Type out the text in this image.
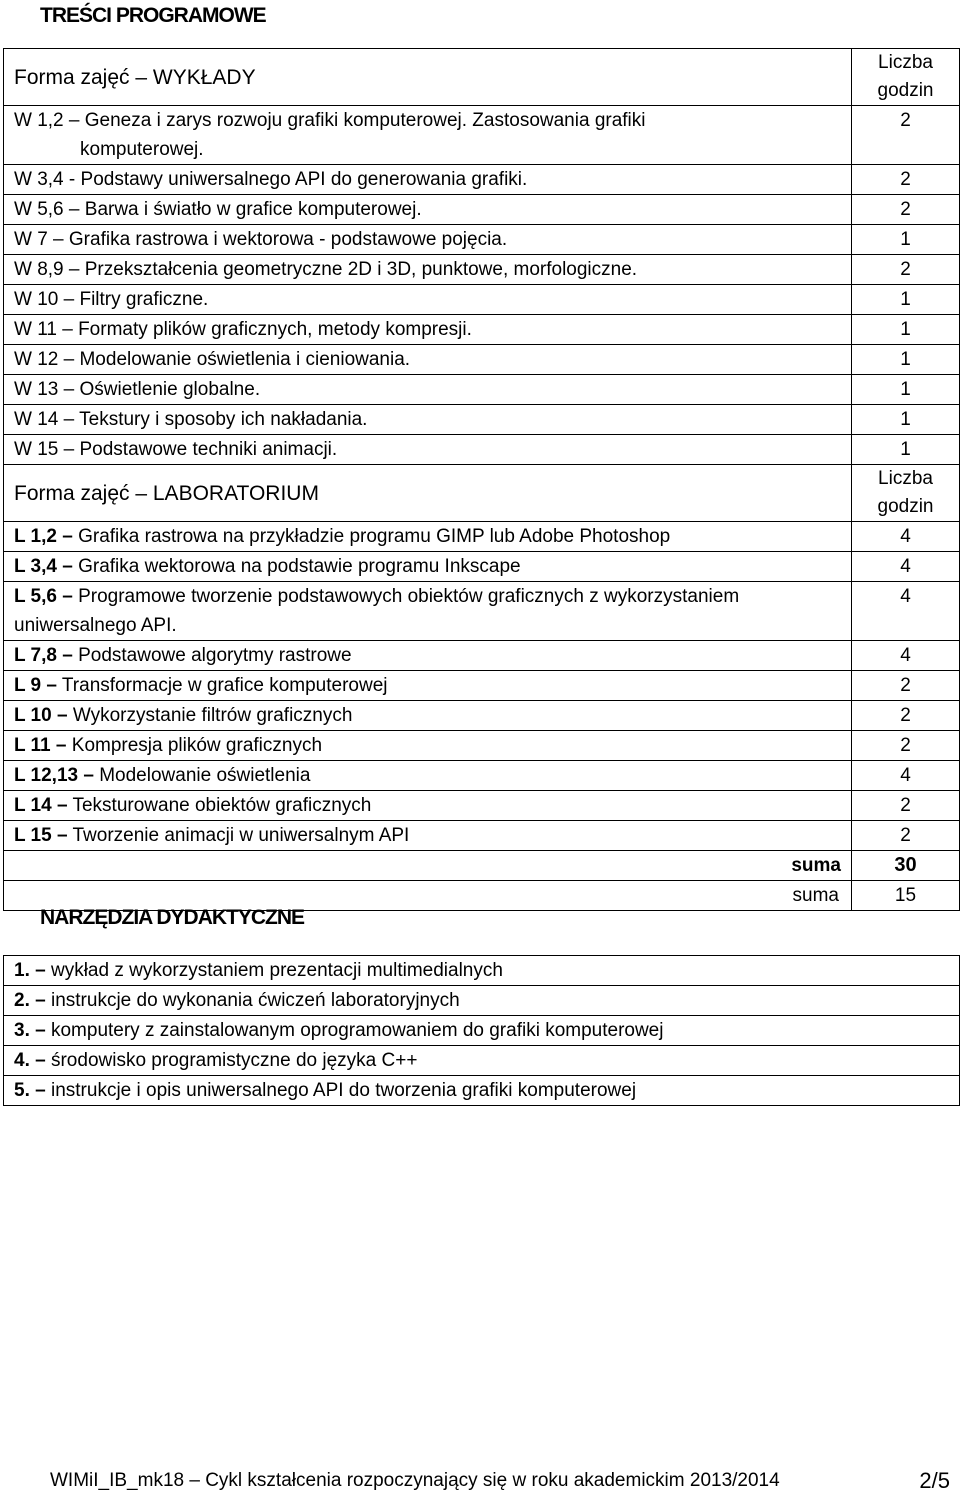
TREŚCI PROGRAMOWE
Forma zajęć – WYKŁADY	Liczba
godzin
W 1,2 – Geneza i zarys rozwoju grafiki komputerowej. Zastosowania grafiki
komputerowej.	2
W 3,4 - Podstawy uniwersalnego API do generowania grafiki.	2
W 5,6 – Barwa i światło w grafice komputerowej.	2
W 7 – Grafika rastrowa i wektorowa - podstawowe pojęcia.	1
W 8,9 – Przekształcenia geometryczne 2D i 3D, punktowe, morfologiczne.	2
W 10 – Filtry graficzne.	1
W 11 – Formaty plików graficznych, metody kompresji.	1
W 12 – Modelowanie oświetlenia i cieniowania.	1
W 13 – Oświetlenie globalne.	1
W 14 – Tekstury i sposoby ich nakładania.	1
W 15 – Podstawowe techniki animacji.	1
Forma zajęć – LABORATORIUM	Liczba
godzin
L 1,2 – Grafika rastrowa na przykładzie programu GIMP lub Adobe Photoshop	4
L 3,4 – Grafika wektorowa na podstawie programu Inkscape	4
L 5,6 – Programowe tworzenie podstawowych obiektów graficznych z wykorzystaniem
uniwersalnego API.	4
L 7,8 – Podstawowe algorytmy rastrowe	4
L 9 – Transformacje w grafice komputerowej	2
L 10 – Wykorzystanie filtrów graficznych	2
L 11 – Kompresja plików graficznych	2
L 12,13 – Modelowanie oświetlenia	4
L 14 – Teksturowane obiektów graficznych	2
L 15 – Tworzenie animacji w uniwersalnym API	2
suma	30
suma	15
NARZĘDZIA DYDAKTYCZNE
1. – wykład z wykorzystaniem prezentacji multimedialnych
2. – instrukcje do wykonania ćwiczeń laboratoryjnych
3. – komputery z zainstalowanym oprogramowaniem do grafiki komputerowej
4. – środowisko programistyczne do języka C++
5. – instrukcje i opis uniwersalnego API do tworzenia grafiki komputerowej
WIMiI_IB_mk18 – Cykl kształcenia rozpoczynający się w roku akademickim 2013/2014	2/5
